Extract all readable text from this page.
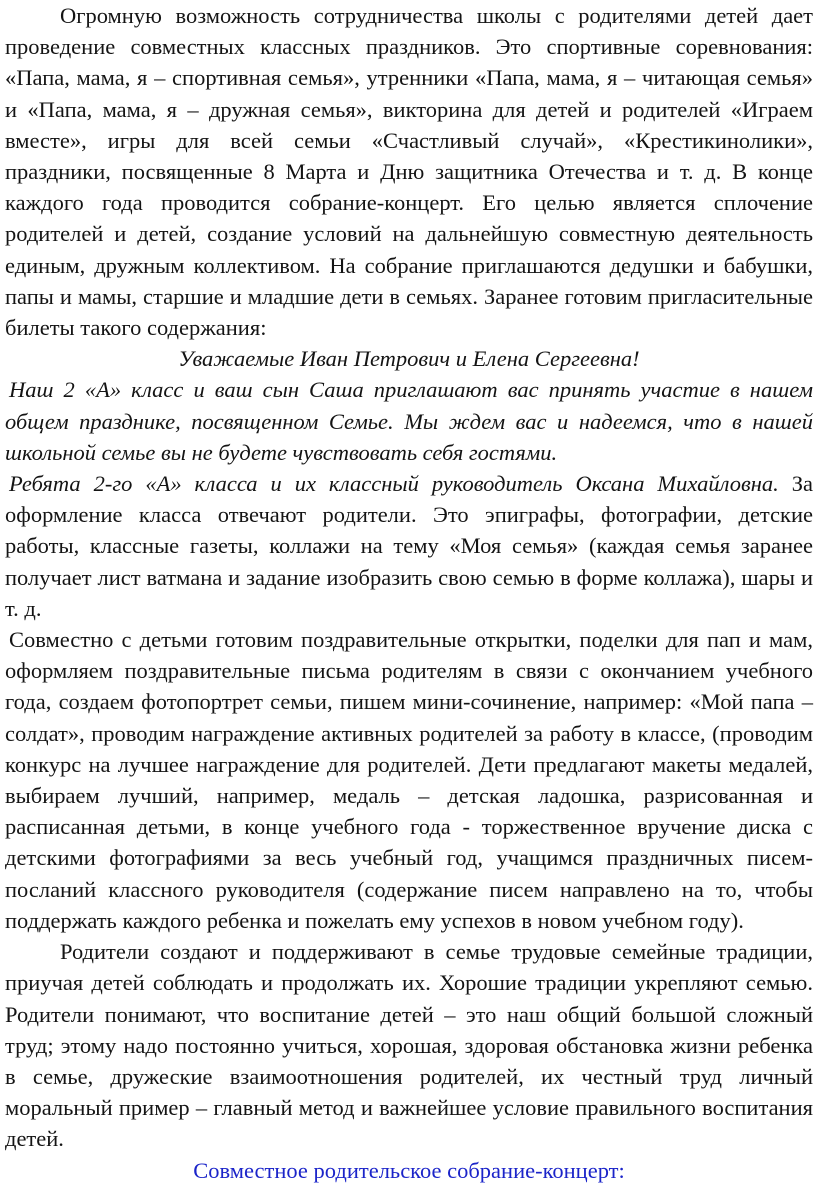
Огромную возможность сотрудничества школы с родителями детей дает проведение совместных классных праздников. Это спортивные соревнования: «Папа, мама, я – спортивная семья», утренники «Папа, мама, я – читающая семья» и «Папа, мама, я – дружная семья», викторина для детей и родителей «Играем вместе», игры для всей семьи «Счастливый случай», «Крестикинолики», праздники, посвященные 8 Марта и Дню защитника Отечества и т. д. В конце каждого года проводится собрание-концерт. Его целью является сплочение родителей и детей, создание условий на дальнейшую совместную деятельность единым, дружным коллективом. На собрание приглашаются дедушки и бабушки, папы и мамы, старшие и младшие дети в семьях. Заранее готовим пригласительные билеты такого содержания:

Уважаемые Иван Петрович и Елена Сергеевна!

Наш 2 «А» класс и ваш сын Саша приглашают вас принять участие в нашем общем празднике, посвященном Семье. Мы ждем вас и надеемся, что в нашей школьной семье вы не будете чувствовать себя гостями.

Ребята 2-го «А» класса и их классный руководитель Оксана Михайловна. За оформление класса отвечают родители. Это эпиграфы, фотографии, детские работы, классные газеты, коллажи на тему «Моя семья» (каждая семья заранее получает лист ватмана и задание изобразить свою семью в форме коллажа), шары и т. д.

Совместно с детьми готовим поздравительные открытки, поделки для пап и мам, оформляем поздравительные письма родителям в связи с окончанием учебного года, создаем фотопортрет семьи, пишем мини-сочинение, например: «Мой папа – солдат», проводим награждение активных родителей за работу в классе, (проводим конкурс на лучшее награждение для родителей. Дети предлагают макеты медалей, выбираем лучший, например, медаль – детская ладошка, разрисованная и расписанная детьми, в конце учебного года - торжественное вручение диска с детскими фотографиями за весь учебный год, учащимся праздничных писем-посланий классного руководителя (содержание писем направлено на то, чтобы поддержать каждого ребенка и пожелать ему успехов в новом учебном году).

Родители создают и поддерживают в семье трудовые семейные традиции, приучая детей соблюдать и продолжать их. Хорошие традиции укрепляют семью. Родители понимают, что воспитание детей – это наш общий большой сложный труд; этому надо постоянно учиться, хорошая, здоровая обстановка жизни ребенка в семье, дружеские взаимоотношения родителей, их честный труд личный моральный пример – главный метод и важнейшее условие правильного воспитания детей.

Совместное родительское собрание-концерт:
